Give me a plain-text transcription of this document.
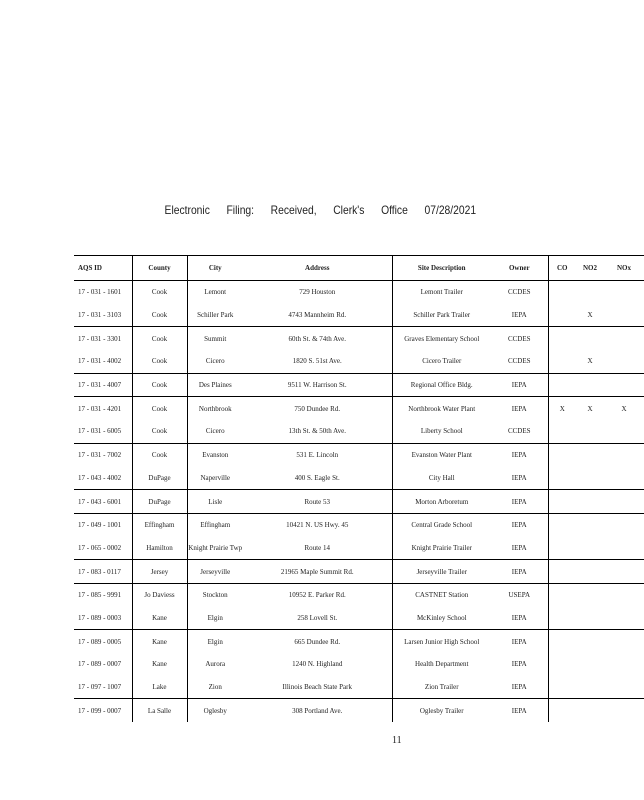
Electronic Filing: Received, Clerk's Office 07/28/2021
AQS ID	County	City	Address	Site Description	Owner	CO	NO2	NOx
17 - 031 - 1601	Cook	Lemont	729 Houston	Lemont Trailer	CCDES			
17 - 031 - 3103	Cook	Schiller Park	4743 Mannheim Rd.	Schiller Park Trailer	IEPA		X	
17 - 031 - 3301	Cook	Summit	60th St. & 74th Ave.	Graves Elementary School	CCDES			
17 - 031 - 4002	Cook	Cicero	1820 S. 51st Ave.	Cicero Trailer	CCDES		X	
17 - 031 - 4007	Cook	Des Plaines	9511 W. Harrison St.	Regional Office Bldg.	IEPA			
17 - 031 - 4201	Cook	Northbrook	750 Dundee Rd.	Northbrook Water Plant	IEPA	X	X	X
17 - 031 - 6005	Cook	Cicero	13th St. & 50th Ave.	Liberty School	CCDES			
17 - 031 - 7002	Cook	Evanston	531 E. Lincoln	Evanston Water Plant	IEPA			
17 - 043 - 4002	DuPage	Naperville	400 S. Eagle St.	City Hall	IEPA			
17 - 043 - 6001	DuPage	Lisle	Route 53	Morton Arboretum	IEPA			
17 - 049 - 1001	Effingham	Effingham	10421 N. US Hwy. 45	Central Grade School	IEPA			
17 - 065 - 0002	Hamilton	Knight Prairie Twp	Route 14	Knight Prairie Trailer	IEPA			
17 - 083 - 0117	Jersey	Jerseyville	21965 Maple Summit Rd.	Jerseyville Trailer	IEPA			
17 - 085 - 9991	Jo Daviess	Stockton	10952 E. Parker Rd.	CASTNET Station	USEPA			
17 - 089 - 0003	Kane	Elgin	258 Lovell St.	McKinley School	IEPA			
17 - 089 - 0005	Kane	Elgin	665 Dundee Rd.	Larsen Junior High School	IEPA			
17 - 089 - 0007	Kane	Aurora	1240 N. Highland	Health Department	IEPA			
17 - 097 - 1007	Lake	Zion	Illinois Beach State Park	Zion Trailer	IEPA			
17 - 099 - 0007	La Salle	Oglesby	308 Portland Ave.	Oglesby Trailer	IEPA			
11
